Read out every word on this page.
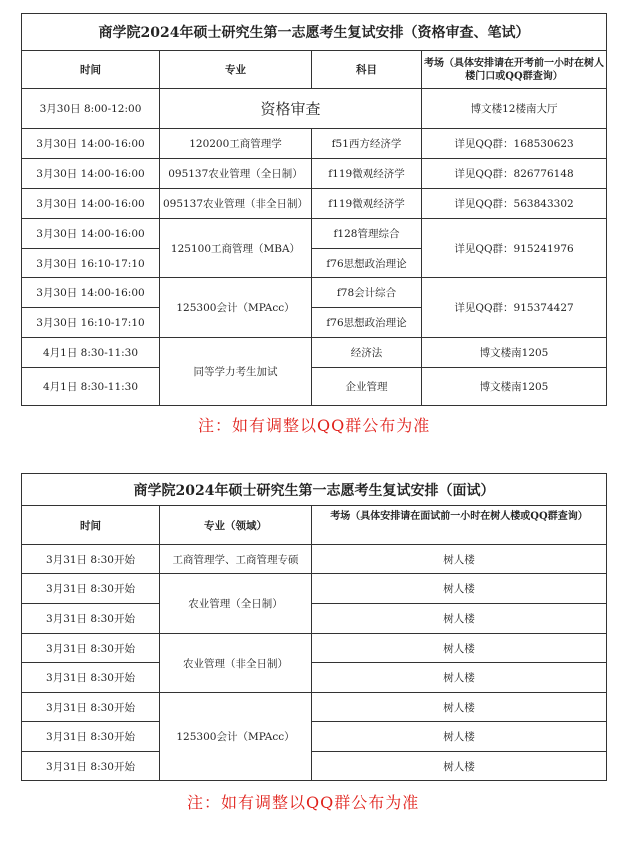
商学院2024年硕士研究生第一志愿考生复试安排（资格审查、笔试）			
时间	专业	科目	考场（具体安排请在开考前一小时在树人楼门口或QQ群查询）
3月30日 8:00-12:00	资格审查		博文楼12楼南大厅
3月30日 14:00-16:00	120200工商管理学	f51西方经济学	详见QQ群：168530623
3月30日 14:00-16:00	095137农业管理（全日制）	f119微观经济学	详见QQ群：826776148
3月30日 14:00-16:00	095137农业管理（非全日制）	f119微观经济学	详见QQ群：563843302
3月30日 14:00-16:00	125100工商管理（MBA）	f128管理综合	详见QQ群：915241976
3月30日 16:10-17:10		f76思想政治理论	
3月30日 14:00-16:00	125300会计（MPAcc）	f78会计综合	详见QQ群：915374427
3月30日 16:10-17:10		f76思想政治理论	
4月1日 8:30-11:30	同等学力考生加试	经济法	博文楼南1205
4月1日 8:30-11:30		企业管理	博文楼南1205
注：如有调整以QQ群公布为准
商学院2024年硕士研究生第一志愿考生复试安排（面试）		
时间	专业（领域）	考场（具体安排请在面试前一小时在树人楼或QQ群查询）
3月31日 8:30开始	工商管理学、工商管理专硕	树人楼
3月31日 8:30开始	农业管理（全日制）	树人楼
3月31日 8:30开始		树人楼
3月31日 8:30开始	农业管理（非全日制）	树人楼
3月31日 8:30开始		树人楼
3月31日 8:30开始	125300会计（MPAcc）	树人楼
3月31日 8:30开始		树人楼
3月31日 8:30开始		树人楼
注：如有调整以QQ群公布为准
